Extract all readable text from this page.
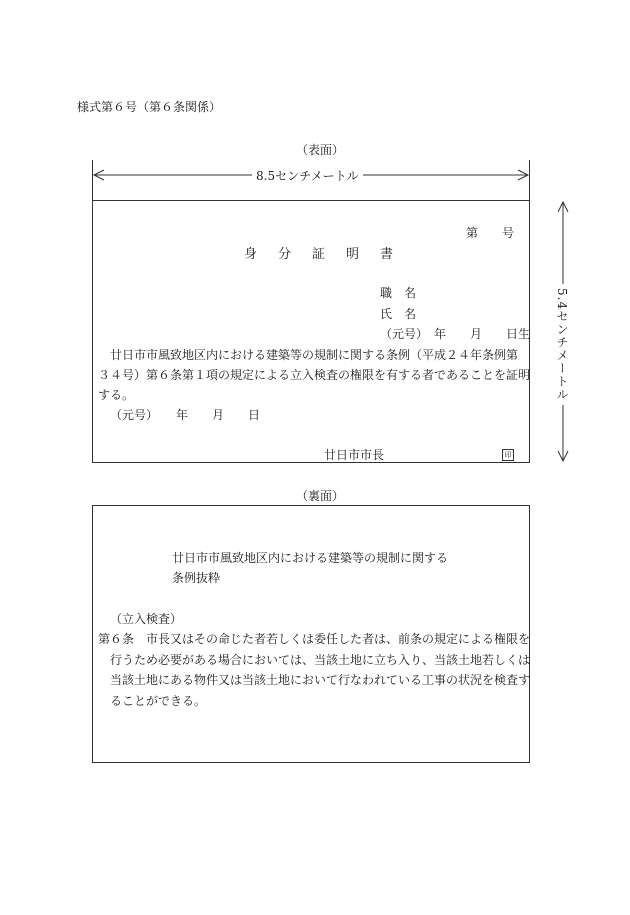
様式第６号（第６条関係）
（表面）
8.5センチメートル
5.4センチメートル
第　　号
身 分 証 明 書
職　名
氏　名
（元号）　年　　月　　日生
　廿日市市風致地区内における建築等の規制に関する条例（平成２４年条例第
３４号）第６条第１項の規定による立入検査の権限を有する者であることを証明
する。
（元号）　　年　　月　　日
廿日市市長	印
（裏面）
廿日市市風致地区内における建築等の規制に関する
条例抜粋
（立入検査）
第６条　市長又はその命じた者若しくは委任した者は、前条の規定による権限を
　行うため必要がある場合においては、当該土地に立ち入り、当該土地若しくは
　当該土地にある物件又は当該土地において行なわれている工事の状況を検査す
　ることができる。
